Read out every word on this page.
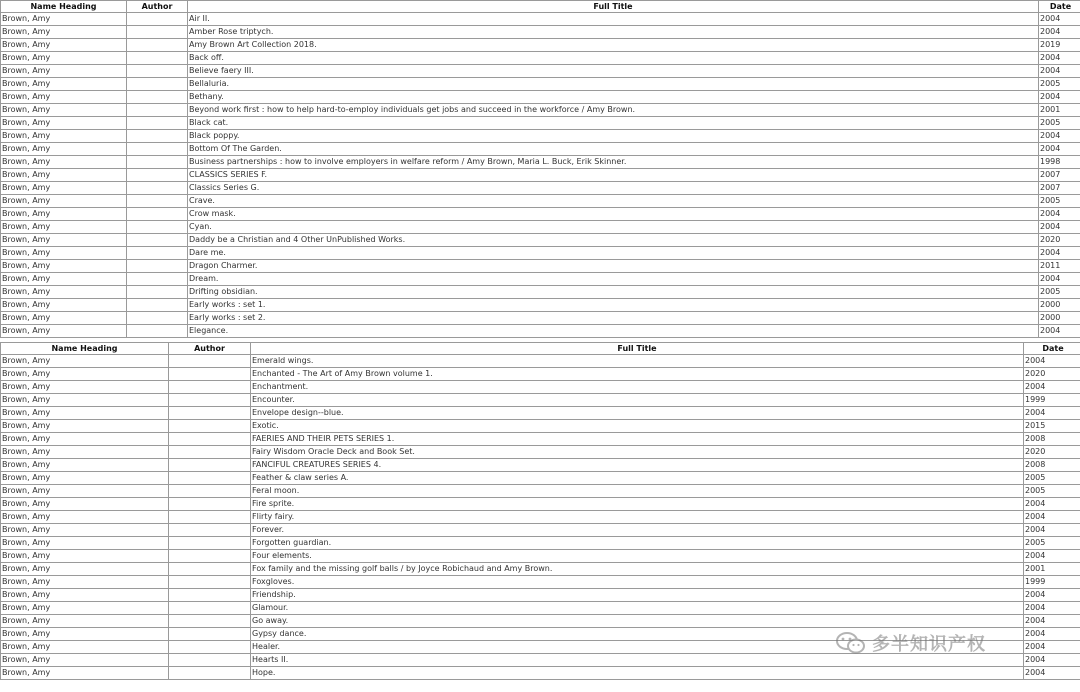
Name Heading	Author	Full Title	Date
Brown, Amy		Air II.	2004
Brown, Amy		Amber Rose triptych.	2004
Brown, Amy		Amy Brown Art Collection 2018.	2019
Brown, Amy		Back off.	2004
Brown, Amy		Believe faery III.	2004
Brown, Amy		Bellaluria.	2005
Brown, Amy		Bethany.	2004
Brown, Amy		Beyond work first : how to help hard-to-employ individuals get jobs and succeed in the workforce / Amy Brown.	2001
Brown, Amy		Black cat.	2005
Brown, Amy		Black poppy.	2004
Brown, Amy		Bottom Of The Garden.	2004
Brown, Amy		Business partnerships : how to involve employers in welfare reform / Amy Brown, Maria L. Buck, Erik Skinner.	1998
Brown, Amy		CLASSICS SERIES F.	2007
Brown, Amy		Classics Series G.	2007
Brown, Amy		Crave.	2005
Brown, Amy		Crow mask.	2004
Brown, Amy		Cyan.	2004
Brown, Amy		Daddy be a Christian and 4 Other UnPublished Works.	2020
Brown, Amy		Dare me.	2004
Brown, Amy		Dragon Charmer.	2011
Brown, Amy		Dream.	2004
Brown, Amy		Drifting obsidian.	2005
Brown, Amy		Early works : set 1.	2000
Brown, Amy		Early works : set 2.	2000
Brown, Amy		Elegance.	2004
Name Heading	Author	Full Title	Date
Brown, Amy		Emerald wings.	2004
Brown, Amy		Enchanted - The Art of Amy Brown volume 1.	2020
Brown, Amy		Enchantment.	2004
Brown, Amy		Encounter.	1999
Brown, Amy		Envelope design--blue.	2004
Brown, Amy		Exotic.	2015
Brown, Amy		FAERIES AND THEIR PETS SERIES 1.	2008
Brown, Amy		Fairy Wisdom Oracle Deck and Book Set.	2020
Brown, Amy		FANCIFUL CREATURES SERIES 4.	2008
Brown, Amy		Feather & claw series A.	2005
Brown, Amy		Feral moon.	2005
Brown, Amy		Fire sprite.	2004
Brown, Amy		Flirty fairy.	2004
Brown, Amy		Forever.	2004
Brown, Amy		Forgotten guardian.	2005
Brown, Amy		Four elements.	2004
Brown, Amy		Fox family and the missing golf balls / by Joyce Robichaud and Amy Brown.	2001
Brown, Amy		Foxgloves.	1999
Brown, Amy		Friendship.	2004
Brown, Amy		Glamour.	2004
Brown, Amy		Go away.	2004
Brown, Amy		Gypsy dance.	2004
Brown, Amy		Healer.	2004
Brown, Amy		Hearts II.	2004
Brown, Amy		Hope.	2004
多半知识产权
